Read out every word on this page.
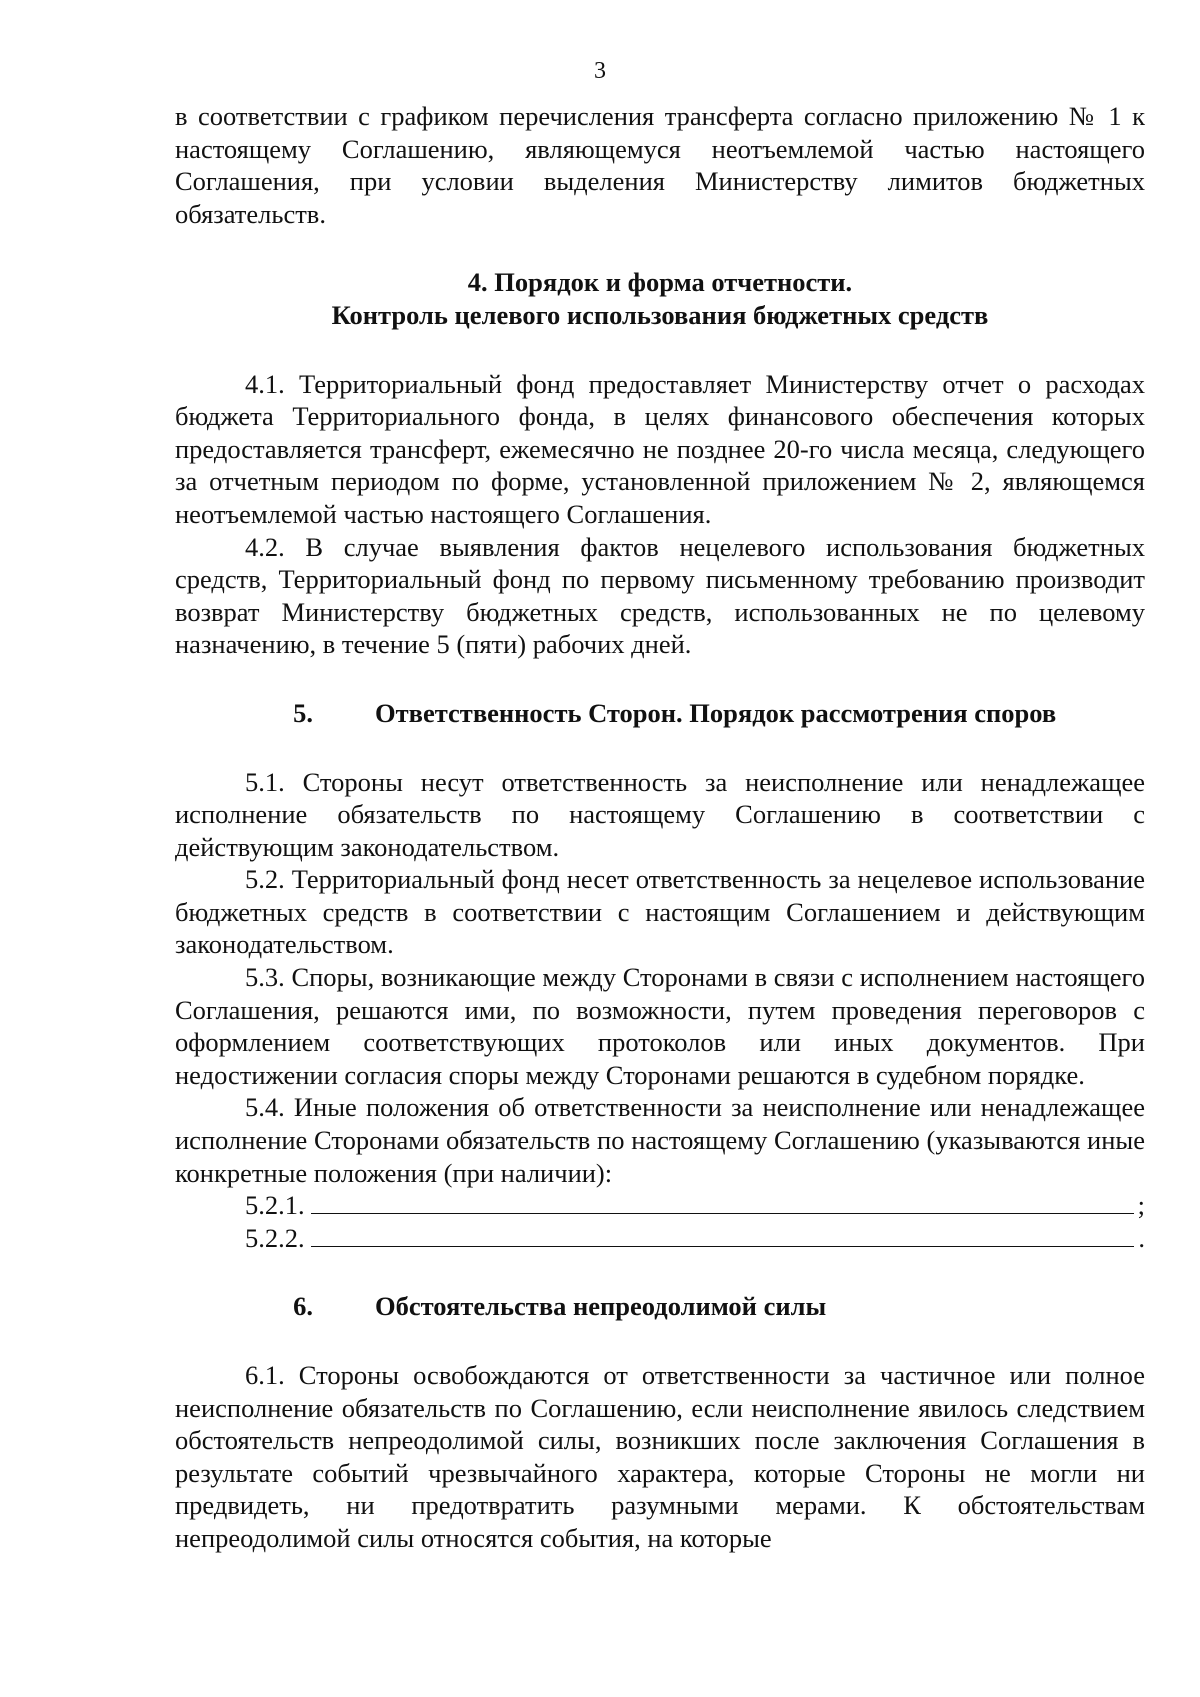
3

в соответствии с графиком перечисления трансферта согласно приложению № 1 к настоящему Соглашению, являющемуся неотъемлемой частью настоящего Соглашения, при условии выделения Министерству лимитов бюджетных обязательств.

4. Порядок и форма отчетности.
Контроль целевого использования бюджетных средств

4.1. Территориальный фонд предоставляет Министерству отчет о расходах бюджета Территориального фонда, в целях финансового обеспечения которых предоставляется трансферт, ежемесячно не позднее 20-го числа месяца, следующего за отчетным периодом по форме, установленной приложением № 2, являющемся неотъемлемой частью настоящего Соглашения.

4.2. В случае выявления фактов нецелевого использования бюджетных средств, Территориальный фонд по первому письменному требованию производит возврат Министерству бюджетных средств, использованных не по целевому назначению, в течение 5 (пяти) рабочих дней.

5.	Ответственность Сторон. Порядок рассмотрения споров

5.1. Стороны несут ответственность за неисполнение или ненадлежащее исполнение обязательств по настоящему Соглашению в соответствии с действующим законодательством.

5.2. Территориальный фонд несет ответственность за нецелевое использование бюджетных средств в соответствии с настоящим Соглашением и действующим законодательством.

5.3. Споры, возникающие между Сторонами в связи с исполнением настоящего Соглашения, решаются ими, по возможности, путем проведения переговоров с оформлением соответствующих протоколов или иных документов. При недостижении согласия споры между Сторонами решаются в судебном порядке.

5.4. Иные положения об ответственности за неисполнение или ненадлежащее исполнение Сторонами обязательств по настоящему Соглашению (указываются иные конкретные положения (при наличии):

5.2.1.	;
5.2.2.	.
6.	Обстоятельства непреодолимой силы

6.1. Стороны освобождаются от ответственности за частичное или полное неисполнение обязательств по Соглашению, если неисполнение явилось следствием обстоятельств непреодолимой силы, возникших после заключения Соглашения в результате событий чрезвычайного характера, которые Стороны не могли ни предвидеть, ни предотвратить разумными мерами. К обстоятельствам непреодолимой силы относятся события, на которые
